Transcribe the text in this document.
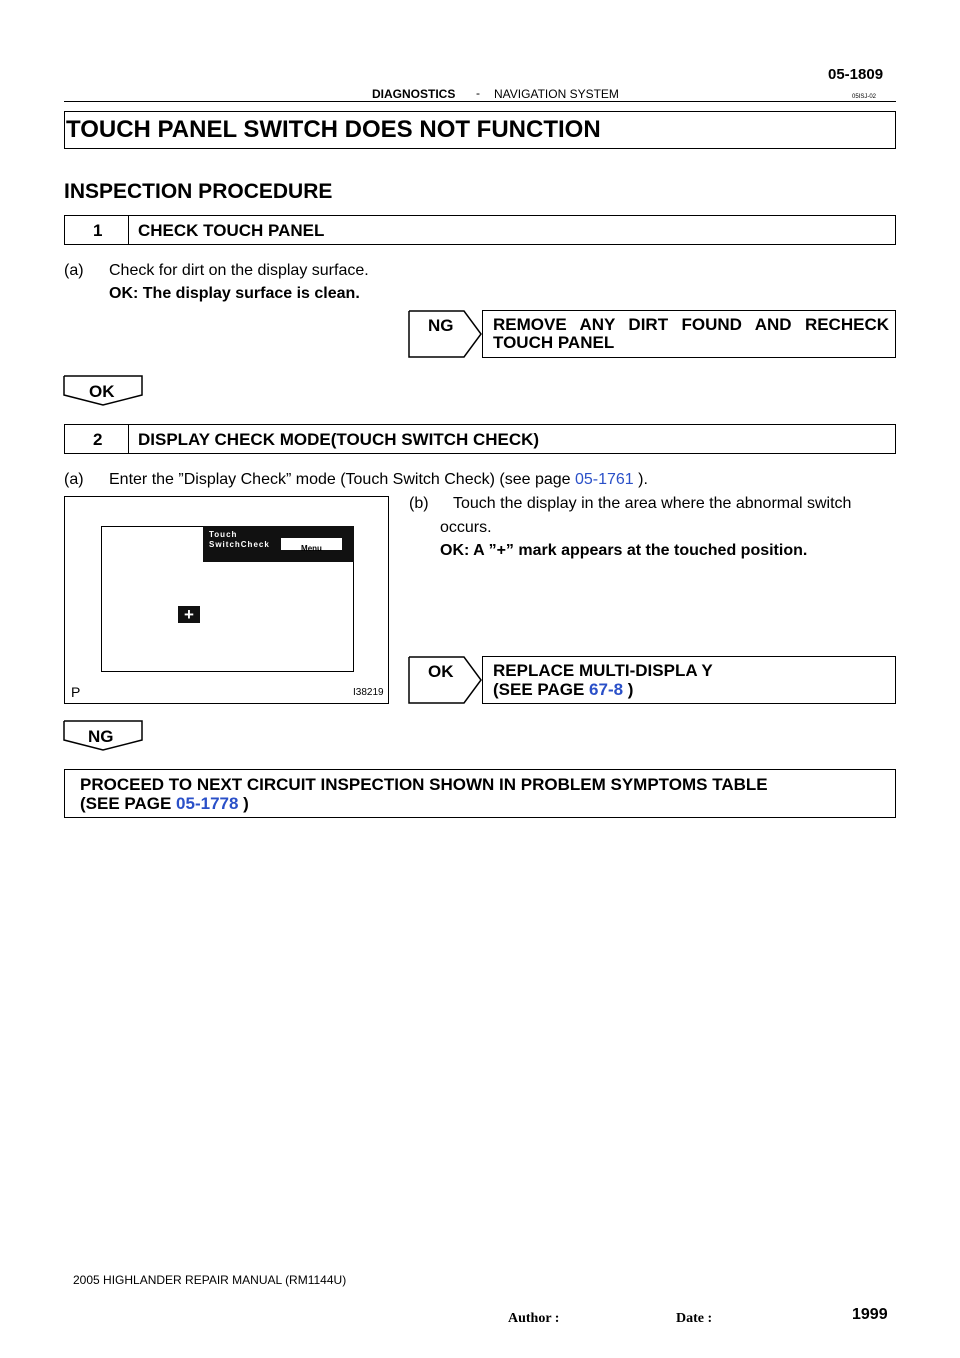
05-1809
DIAGNOSTICS - NAVIGATION SYSTEM	05ISJ-02
TOUCH PANEL SWITCH DOES NOT FUNCTION
INSPECTION PROCEDURE
1 CHECK TOUCH PANEL
(a) Check for dirt on the display surface.
OK: The display surface is clean.
NG REMOVE ANY DIRT FOUND AND RECHECK
TOUCH PANEL
OK
2 DISPLAY CHECK MODE(TOUCH SWITCH CHECK)
(a) Enter the ”Display Check” mode (Touch Switch Check) (see page 05-1761 ).
Touch
SwitchCheck	Menu
+
P	I38219
(b) Touch the display in the area where the abnormal switch
occurs.
OK: A ”+” mark appears at the touched position.
OK REPLACE MULTI-DISPLA Y
(SEE PAGE 67-8 )
NG
PROCEED TO NEXT CIRCUIT INSPECTION SHOWN IN PROBLEM SYMPTOMS TABLE
(SEE PAGE 05-1778 )
2005 HIGHLANDER REPAIR MANUAL (RM1144U)
Author :	Date :	1999
